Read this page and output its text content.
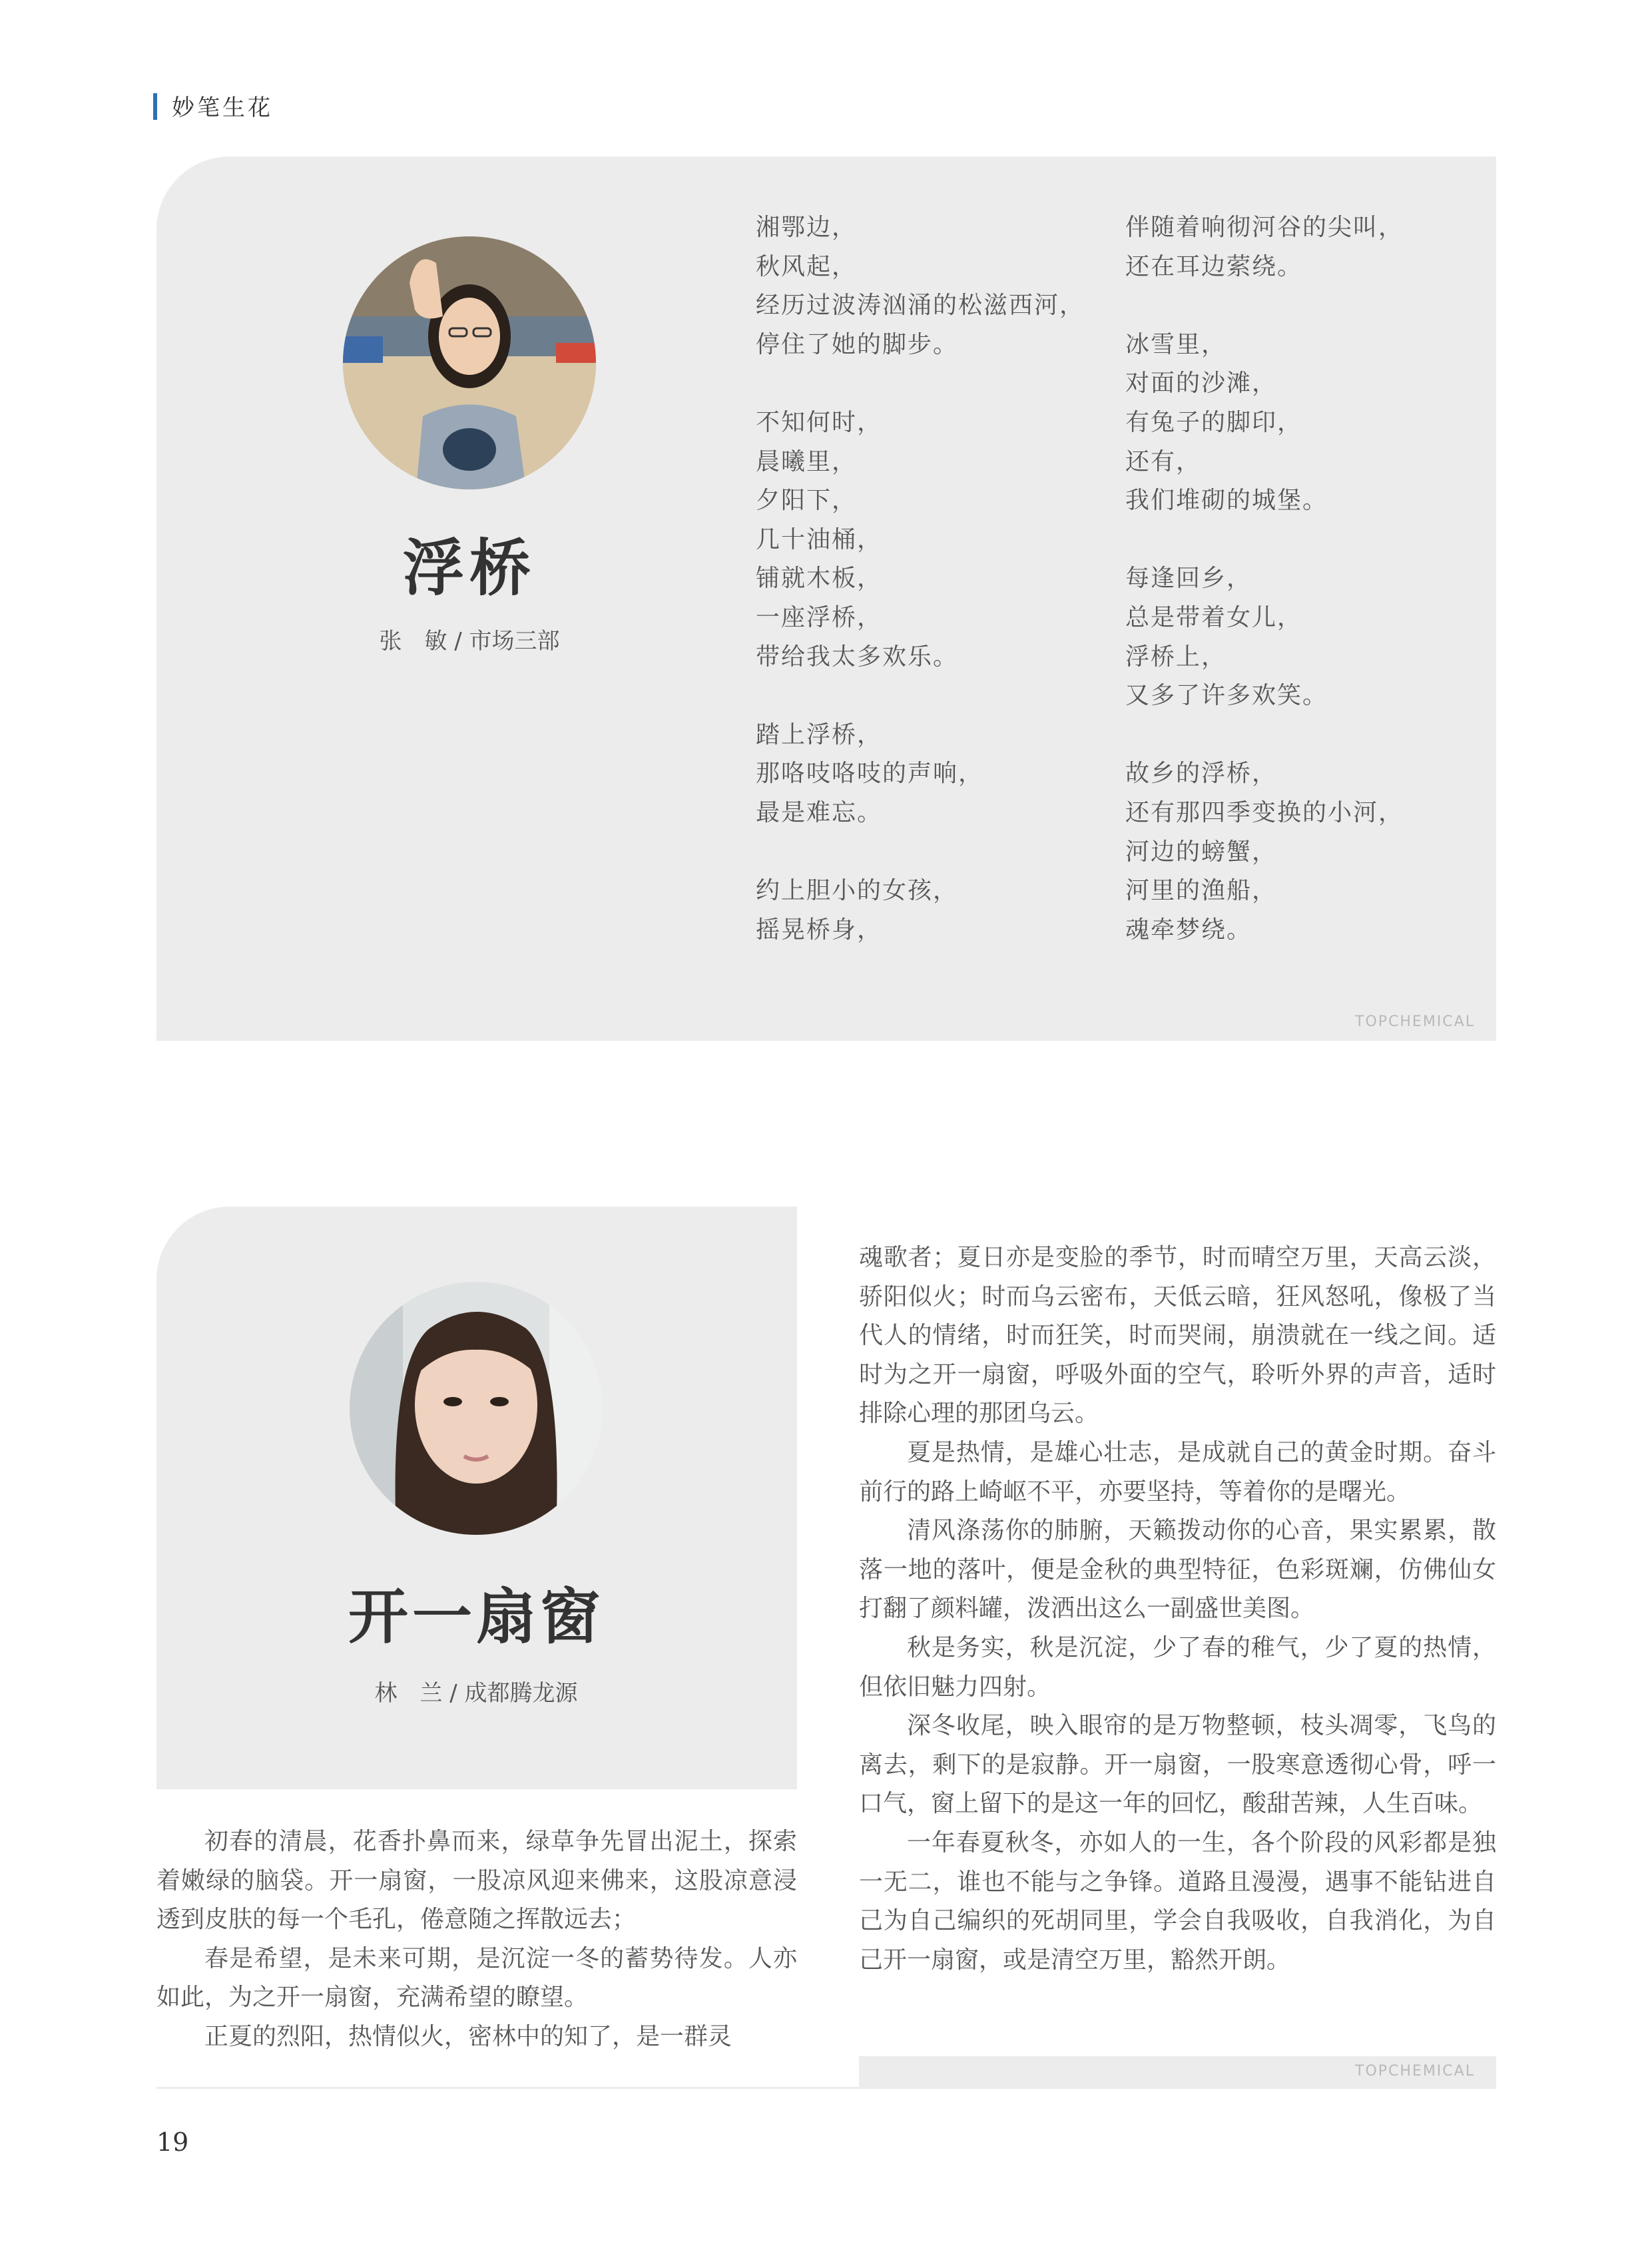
妙笔生花
浮桥
张　敏 / 市场三部
湘鄂边，
秋风起，
经历过波涛汹涌的松滋西河，
停住了她的脚步。
不知何时，
晨曦里，
夕阳下，
几十油桶，
铺就木板，
一座浮桥，
带给我太多欢乐。
踏上浮桥，
那咯吱咯吱的声响，
最是难忘。
约上胆小的女孩，
摇晃桥身，
伴随着响彻河谷的尖叫，
还在耳边萦绕。
冰雪里，
对面的沙滩，
有兔子的脚印，
还有，
我们堆砌的城堡。
每逢回乡，
总是带着女儿，
浮桥上，
又多了许多欢笑。
故乡的浮桥，
还有那四季变换的小河，
河边的螃蟹，
河里的渔船，
魂牵梦绕。
TOPCHEMICAL
开一扇窗
林　兰 / 成都腾龙源

初春的清晨，花香扑鼻而来，绿草争先冒出泥土，探索着嫩绿的脑袋。开一扇窗，一股凉风迎来佛来，这股凉意浸透到皮肤的每一个毛孔，倦意随之挥散远去；

春是希望，是未来可期，是沉淀一冬的蓄势待发。人亦如此，为之开一扇窗，充满希望的瞭望。

正夏的烈阳，热情似火，密林中的知了，是一群灵

魂歌者；夏日亦是变脸的季节，时而晴空万里，天高云淡，骄阳似火；时而乌云密布，天低云暗，狂风怒吼，像极了当代人的情绪，时而狂笑，时而哭闹，崩溃就在一线之间。适时为之开一扇窗，呼吸外面的空气，聆听外界的声音，适时排除心理的那团乌云。

夏是热情，是雄心壮志，是成就自己的黄金时期。奋斗前行的路上崎岖不平，亦要坚持，等着你的是曙光。

清风涤荡你的肺腑，天籁拨动你的心音，果实累累，散落一地的落叶，便是金秋的典型特征，色彩斑斓，仿佛仙女打翻了颜料罐，泼洒出这么一副盛世美图。

秋是务实，秋是沉淀，少了春的稚气，少了夏的热情，但依旧魅力四射。

深冬收尾，映入眼帘的是万物整顿，枝头凋零，飞鸟的离去，剩下的是寂静。开一扇窗，一股寒意透彻心骨，呼一口气，窗上留下的是这一年的回忆，酸甜苦辣，人生百味。

一年春夏秋冬，亦如人的一生，各个阶段的风彩都是独一无二，谁也不能与之争锋。道路且漫漫，遇事不能钻进自己为自己编织的死胡同里，学会自我吸收，自我消化，为自己开一扇窗，或是清空万里，豁然开朗。

TOPCHEMICAL
19
